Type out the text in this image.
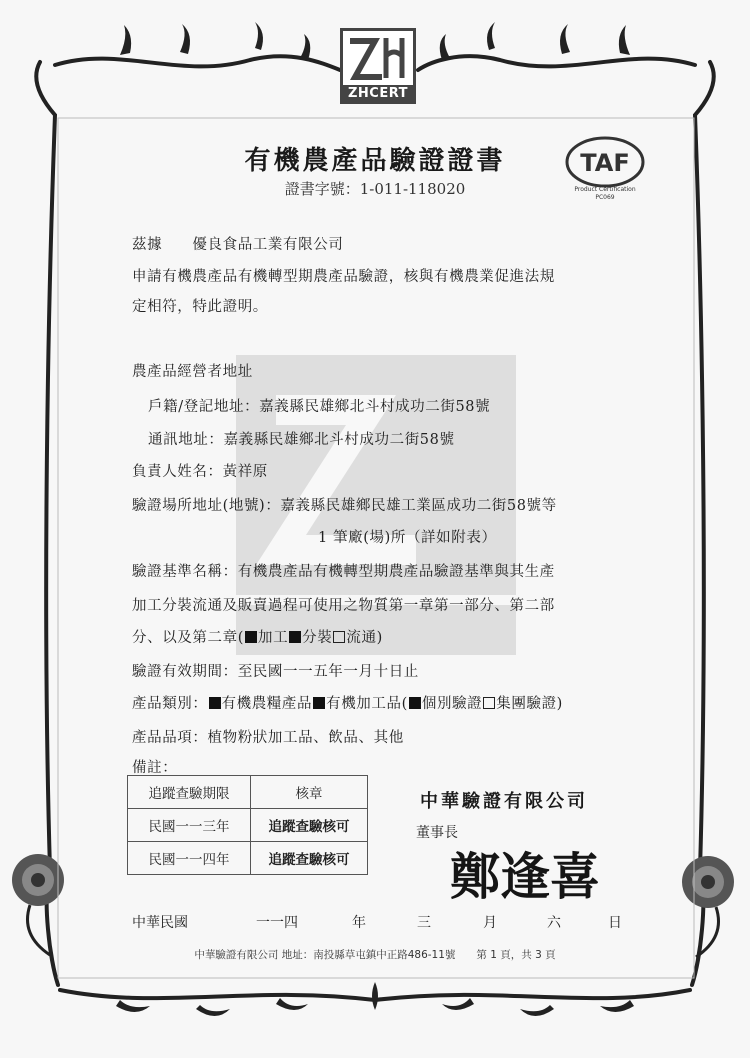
ZHCERT
TAF
Product Certification
PC069
有機農產品驗證證書
證書字號：1-011-118020
茲據　　優良食品工業有限公司
申請有機農產品有機轉型期農產品驗證，核與有機農業促進法規
定相符，特此證明。
農產品經營者地址
戶籍/登記地址：嘉義縣民雄鄉北斗村成功二街58號
通訊地址：嘉義縣民雄鄉北斗村成功二街58號
負責人姓名：黃祥原
驗證場所地址(地號)：嘉義縣民雄鄉民雄工業區成功二街58號等
1 筆廠(場)所（詳如附表）
驗證基準名稱：有機農產品有機轉型期農產品驗證基準與其生產
加工分裝流通及販賣過程可使用之物質第一章第一部分、第二部
分、以及第二章( 加工 分裝 流通)
驗證有效期間：至民國一一五年一月十日止
產品類別： 有機農糧產品 有機加工品( 個別驗證 集團驗證)
產品品項：植物粉狀加工品、飲品、其他
備註：
追蹤查驗期限	核章
民國一一三年	追蹤查驗核可
民國一一四年	追蹤查驗核可
中華驗證有限公司
董事長
鄭逢喜
中華民國	一一四	年	三	月	六	日
中華驗證有限公司 地址：南投縣草屯鎮中正路486-11號　　第 1 頁，共 3 頁
